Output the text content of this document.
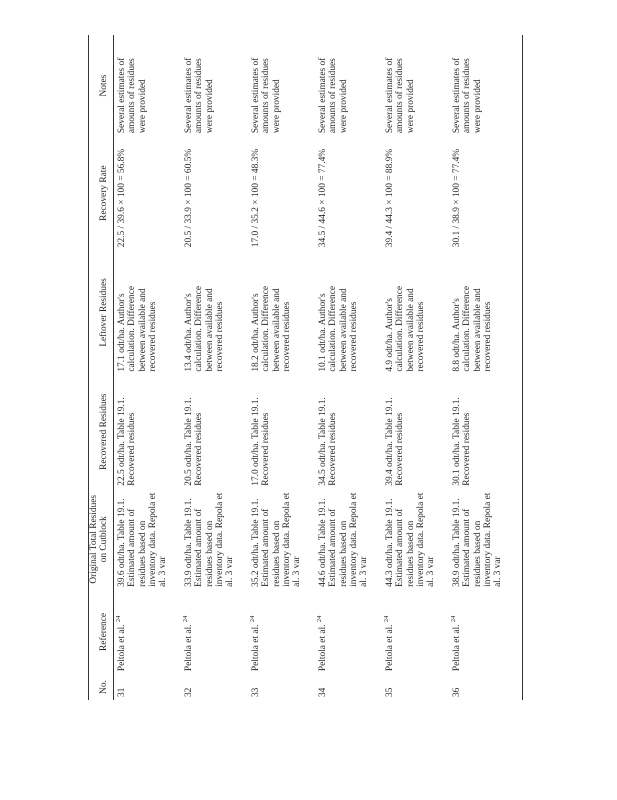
No.	Reference	Original Total Residues on Cutblock	Recovered Residues	Leftover Residues	Recovery Rate	Notes
31	Peltola et al. $^{24}$	39.6 odt/ha. Table 19.1. Estimated amount of residues based on inventory data. Repola et al. 3 var	22.5 odt/ha. Table 19.1. Recovered residues	17.1 odt/ha. Author's calculation. Difference between available and recovered residues	22.5 / 39.6 × 100 = 56.8%	Several estimates of amounts of residues were provided
32	Peltola et al. $^{24}$	33.9 odt/ha. Table 19.1. Estimated amount of residues based on inventory data. Repola et al. 3 var	20.5 odt/ha. Table 19.1. Recovered residues	13.4 odt/ha. Author's calculation. Difference between available and recovered residues	20.5 / 33.9 × 100 = 60.5%	Several estimates of amounts of residues were provided
33	Peltola et al. $^{24}$	35.2 odt/ha. Table 19.1. Estimated amount of residues based on inventory data. Repola et al. 3 var	17.0 odt/ha. Table 19.1. Recovered residues	18.2 odt/ha. Author's calculation. Difference between available and recovered residues	17.0 / 35.2 × 100 = 48.3%	Several estimates of amounts of residues were provided
34	Peltola et al. $^{24}$	44.6 odt/ha. Table 19.1. Estimated amount of residues based on inventory data. Repola et al. 3 var	34.5 odt/ha. Table 19.1. Recovered residues	10.1 odt/ha. Author's calculation. Difference between available and recovered residues	34.5 / 44.6 × 100 = 77.4%	Several estimates of amounts of residues were provided
35	Peltola et al. $^{24}$	44.3 odt/ha. Table 19.1. Estimated amount of residues based on inventory data. Repola et al. 3 var	39.4 odt/ha. Table 19.1. Recovered residues	4.9 odt/ha. Author's calculation. Difference between available and recovered residues	39.4 / 44.3 × 100 = 88.9%	Several estimates of amounts of residues were provided
36	Peltola et al. $^{24}$	38.9 odt/ha. Table 19.1. Estimated amount of residues based on inventory data. Repola et al. 3 var	30.1 odt/ha. Table 19.1. Recovered residues	8.8 odt/ha. Author's calculation. Difference between available and recovered residues	30.1 / 38.9 × 100 = 77.4%	Several estimates of amounts of residues were provided
